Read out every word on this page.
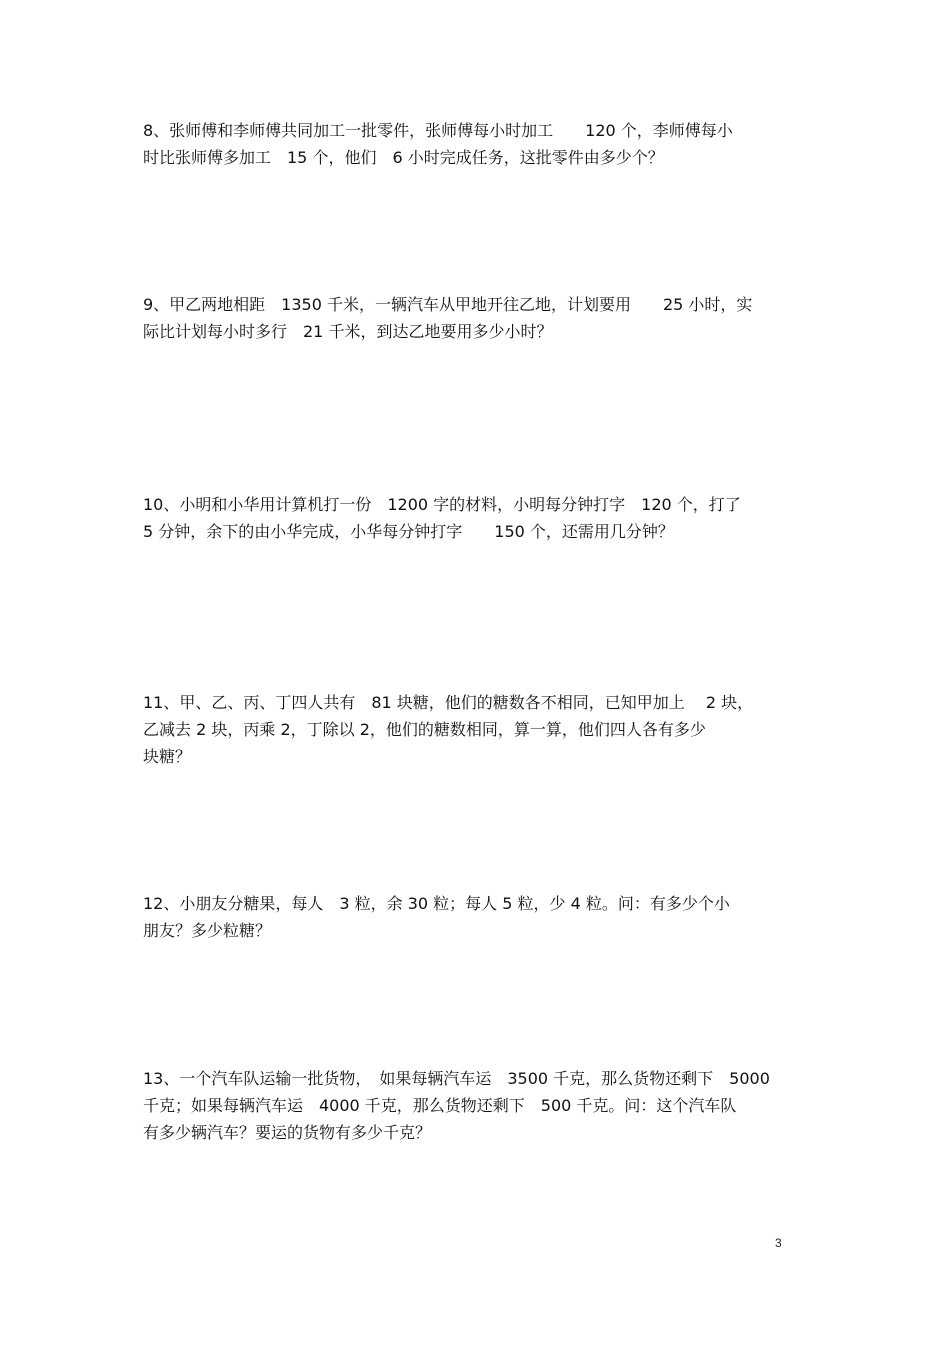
8、张师傅和李师傅共同加工一批零件，张师傅每小时加工　　120 个，李师傅每小
时比张师傅多加工　15 个，他们　6 小时完成任务，这批零件由多少个？
9、甲乙两地相距　1350 千米，一辆汽车从甲地开往乙地，计划要用　　25 小时，实
际比计划每小时多行　21 千米，到达乙地要用多少小时？
10、小明和小华用计算机打一份　1200 字的材料，小明每分钟打字　120 个，打了
5 分钟，余下的由小华完成，小华每分钟打字　　150 个，还需用几分钟？
11、甲、乙、丙、丁四人共有　81 块糖，他们的糖数各不相同，已知甲加上　 2 块，
乙减去 2 块，丙乘 2，丁除以 2，他们的糖数相同，算一算，他们四人各有多少
块糖？
12、小朋友分糖果，每人　3 粒，余 30 粒；每人 5 粒，少 4 粒。问：有多少个小
朋友？多少粒糖？
13、一个汽车队运输一批货物，　如果每辆汽车运　3500 千克，那么货物还剩下　5000
千克；如果每辆汽车运　4000 千克，那么货物还剩下　500 千克。问：这个汽车队
有多少辆汽车？要运的货物有多少千克？
3
